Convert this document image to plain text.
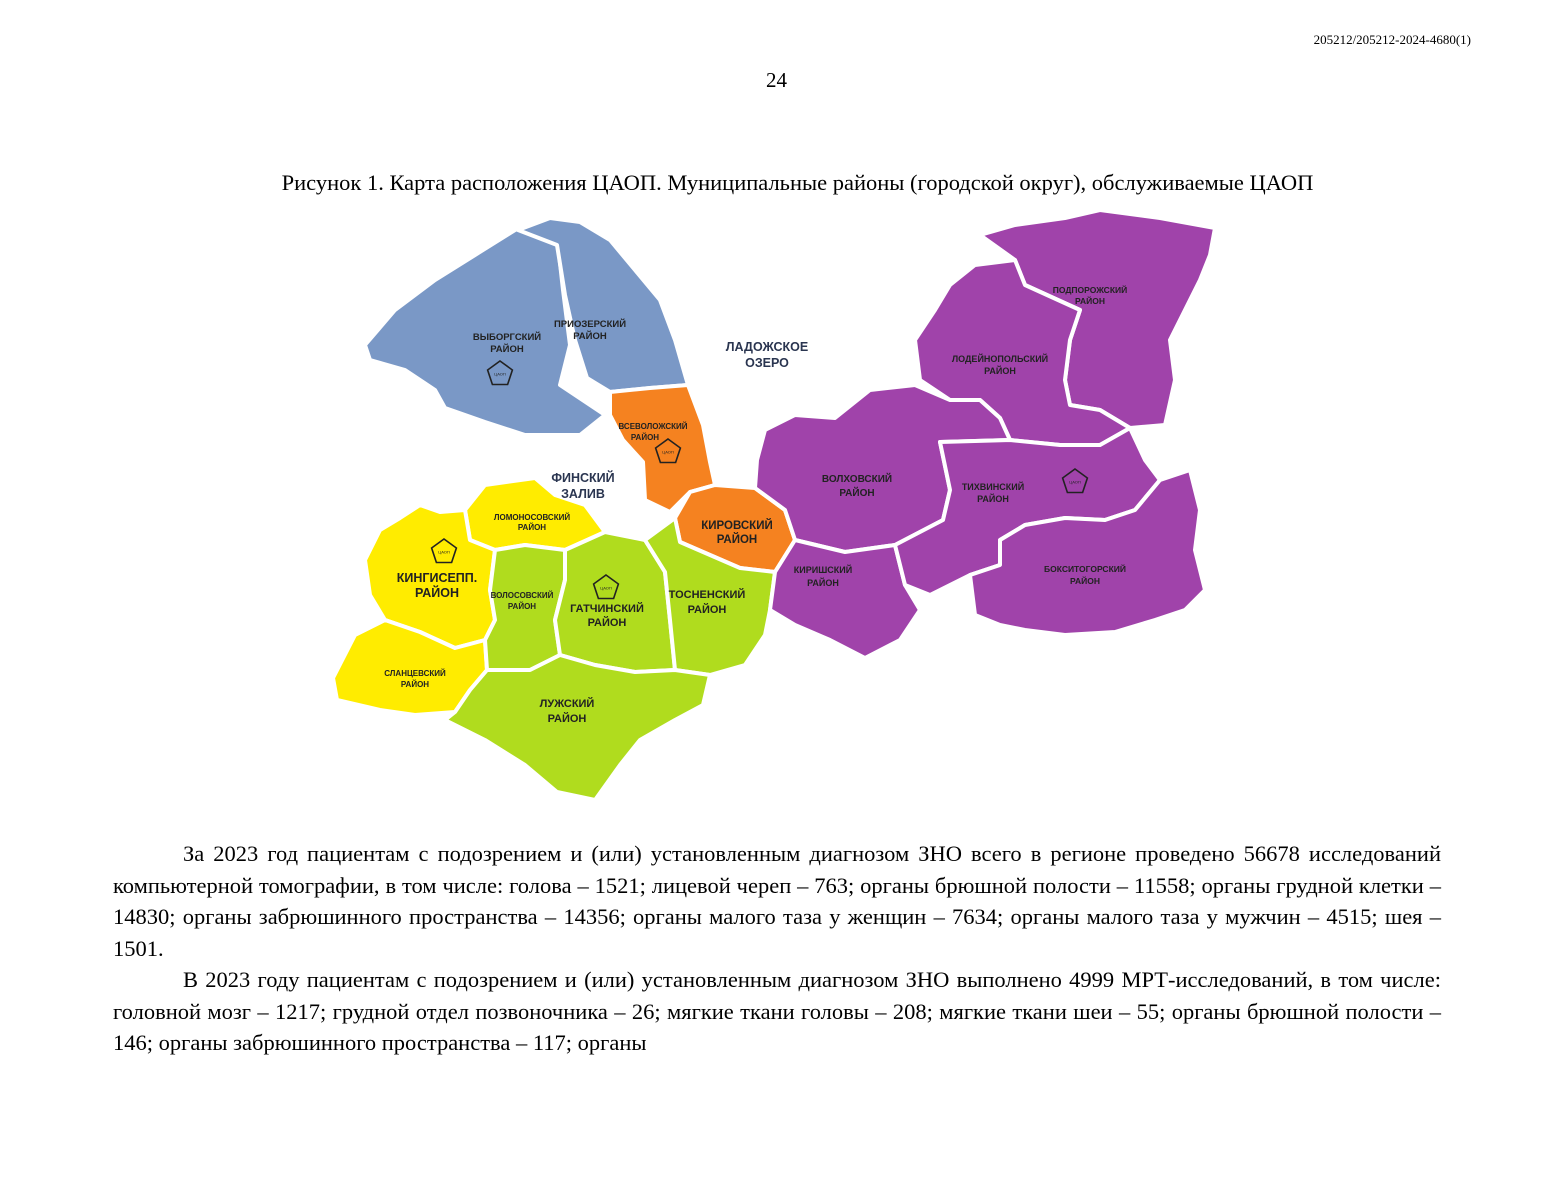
205212/205212-2024-4680(1)
24
Рисунок 1. Карта расположения ЦАОП. Муниципальные районы (городской округ), обслуживаемые ЦАОП
ЛАДОЖСКОЕ
ОЗЕРО
ФИНСКИЙ
ЗАЛИВ
ВЫБОРГСКИЙ
РАЙОН
ПРИОЗЕРСКИЙ
РАЙОН
ВСЕВОЛОЖСКИЙ
РАЙОН
КИРОВСКИЙ
РАЙОН
ЛОМОНОСОВСКИЙ
РАЙОН
КИНГИСЕПП.
РАЙОН
СЛАНЦЕВСКИЙ
РАЙОН
ВОЛОСОВСКИЙ
РАЙОН	ГАТЧИНСКИЙ
РАЙОН
ТОСНЕНСКИЙ
РАЙОН
ЛУЖСКИЙ
РАЙОН
ПОДПОРОЖСКИЙ
РАЙОН
ЛОДЕЙНОПОЛЬСКИЙ
РАЙОН
ВОЛХОВСКИЙ
РАЙОН
ТИХВИНСКИЙ
РАЙОН
КИРИШСКИЙ
РАЙОН
БОКСИТОГОРСКИЙ
РАЙОН
ЦАОП
ЦАОП
ЦАОП
ЦАОП
ЦАОП

За 2023 год пациентам с подозрением и (или) установленным диагнозом ЗНО всего в регионе проведено 56678 исследований компьютерной томографии, в том числе: голова – 1521; лицевой череп – 763; органы брюшной полости – 11558; органы грудной клетки – 14830; органы забрюшинного пространства – 14356; органы малого таза у женщин – 7634; органы малого таза у мужчин – 4515; шея – 1501.

В 2023 году пациентам с подозрением и (или) установленным диагнозом ЗНО выполнено 4999 МРТ-исследований, в том числе: головной мозг – 1217; грудной отдел позвоночника – 26; мягкие ткани головы – 208; мягкие ткани шеи – 55; органы брюшной полости – 146; органы забрюшинного пространства – 117; органы
